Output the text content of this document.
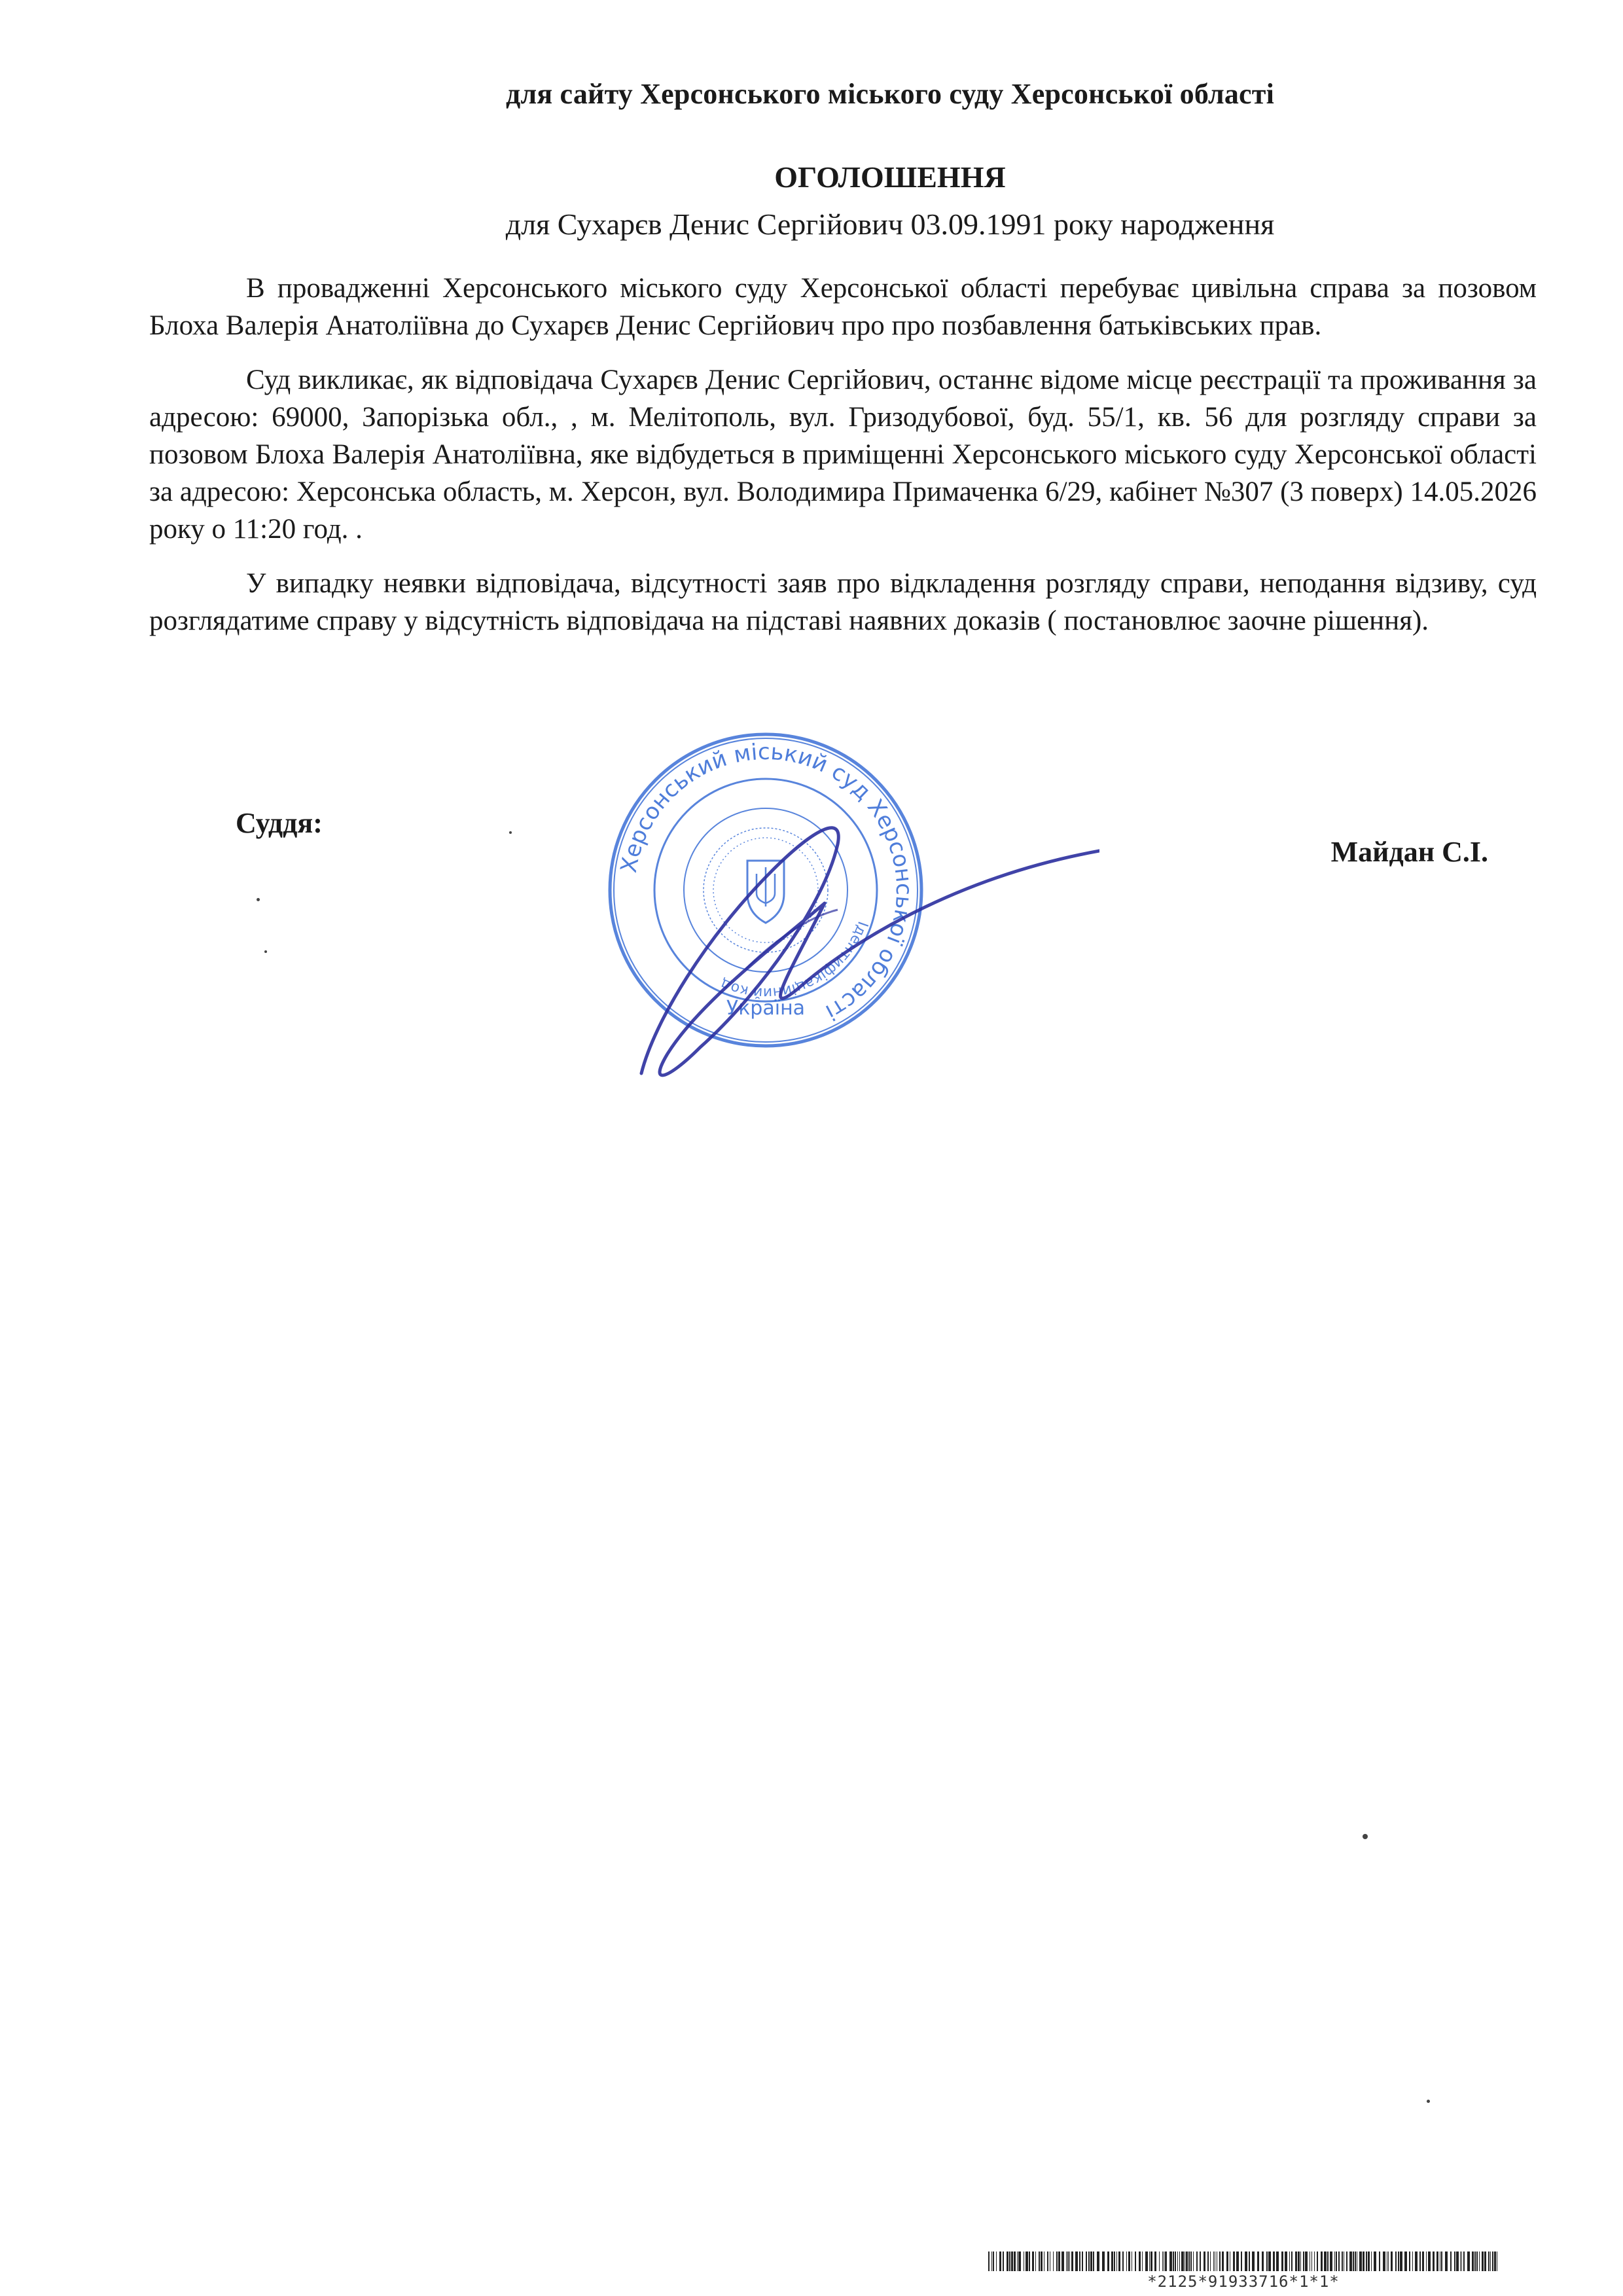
для сайту Херсонського міського суду Херсонської області
ОГОЛОШЕННЯ
для Сухарєв Денис Сергійович 03.09.1991 року народження

В провадженні Херсонського міського суду Херсонської області перебуває цивільна справа за позовом Блоха Валерія Анатоліївна до Сухарєв Денис Сергійович про про позбавлення батьківських прав.

Суд викликає, як відповідача Сухарєв Денис Сергійович, останнє відоме місце реєстрації та проживання за адресою: 69000, Запорізька обл., , м. Мелітополь, вул. Гризодубової, буд. 55/1, кв. 56 для розгляду справи за позовом Блоха Валерія Анатоліївна, яке відбудеться в приміщенні Херсонського міського суду Херсонської області за адресою: Херсонська область, м. Херсон, вул. Володимира Примаченка 6/29, кабінет №307 (3 поверх) 14.05.2026 року о 11:20 год. .

У випадку неявки відповідача, відсутності заяв про відкладення розгляду справи, неподання відзиву, суд розглядатиме справу у відсутність відповідача на підставі наявних доказів ( постановлює заочне рішення).

Суддя:
Майдан С.І.
Херсонський міський суд Херсонської області
Ідентифікаційний код
Україна
*2125*91933716*1*1*
